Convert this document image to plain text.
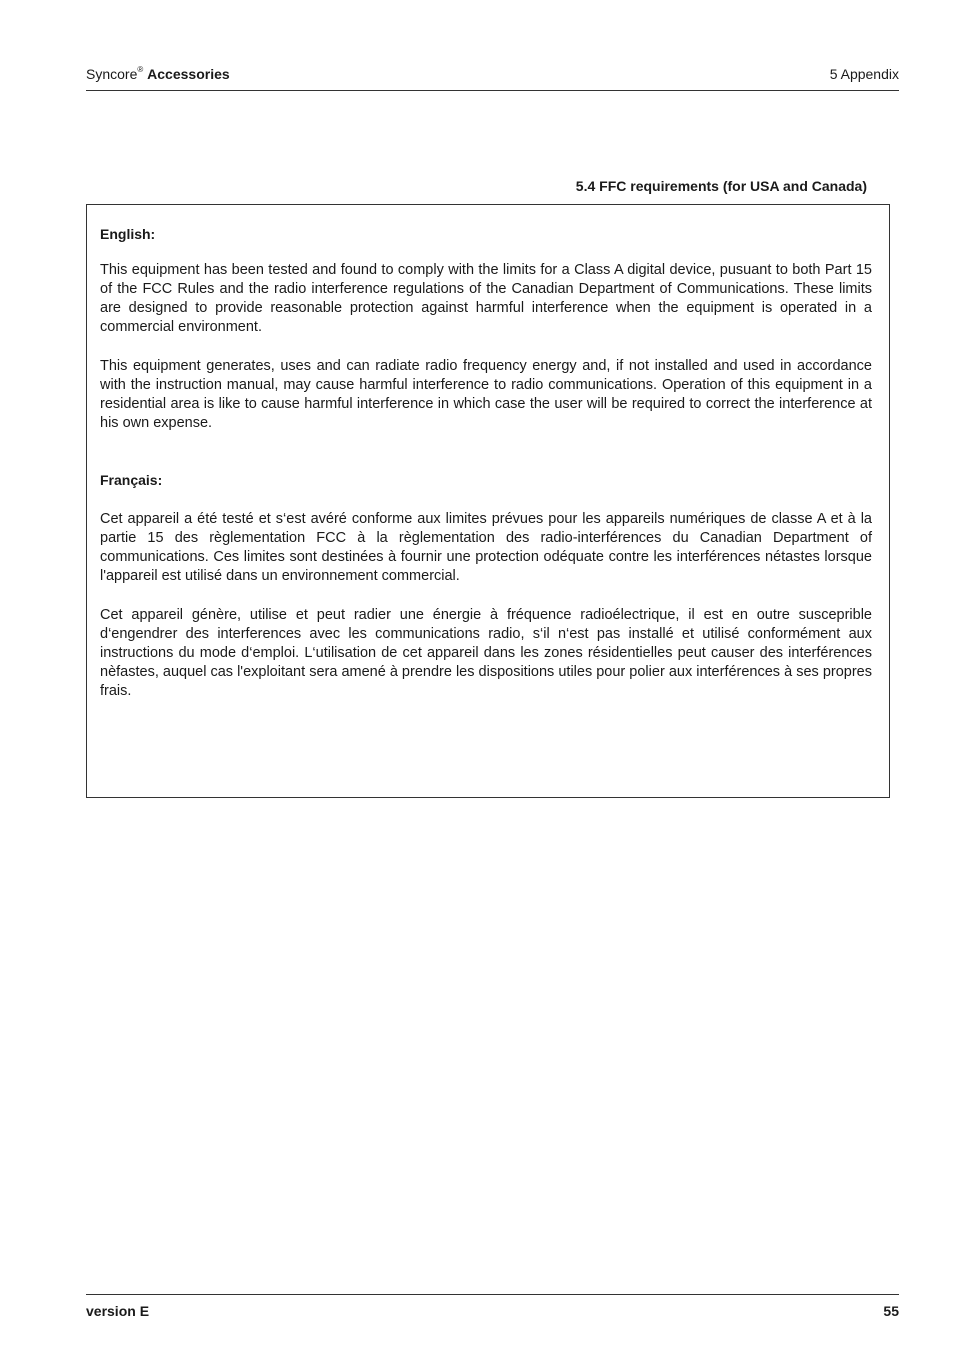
Syncore® Accessories	5 Appendix
5.4 FFC requirements (for USA and Canada)

English:

This equipment has been tested and found to comply with the limits for a Class A digital device, pusuant to both Part 15 of the FCC Rules and the radio interference regulations of the Canadian Department of Communications. These limits are designed to provide reasonable protection against harmful interference when the equipment is operated in a commercial environment.

This equipment generates, uses and can radiate radio frequency energy and, if not installed and used in accordance with the instruction manual, may cause harmful interference to radio communications. Operation of this equipment in a residential area is like to cause harmful interference in which case the user will be required to correct the interference at his own expense.

Français:

Cet appareil a été testé et s‘est avéré conforme aux limites prévues pour les appareils numériques de classe A et à la partie 15 des règlementation FCC à la règlementation des radio-interférences du Canadian Department of communications. Ces limites sont destinées à fournir une protection odéquate contre les interférences nétastes lorsque l'appareil est utilisé dans un environnement commercial.

Cet appareil génère, utilise et peut radier une énergie à fréquence radioélectrique, il est en outre susceprible d‘engendrer des interferences avec les communications radio, s‘il n‘est pas installé et utilisé conformément aux instructions du mode d‘emploi. L‘utilisation de cet appareil dans les zones résidentielles peut causer des interférences nèfastes, auquel cas l'exploitant sera amené à prendre les dispositions utiles pour polier aux interférences à ses propres frais.

version E	55
